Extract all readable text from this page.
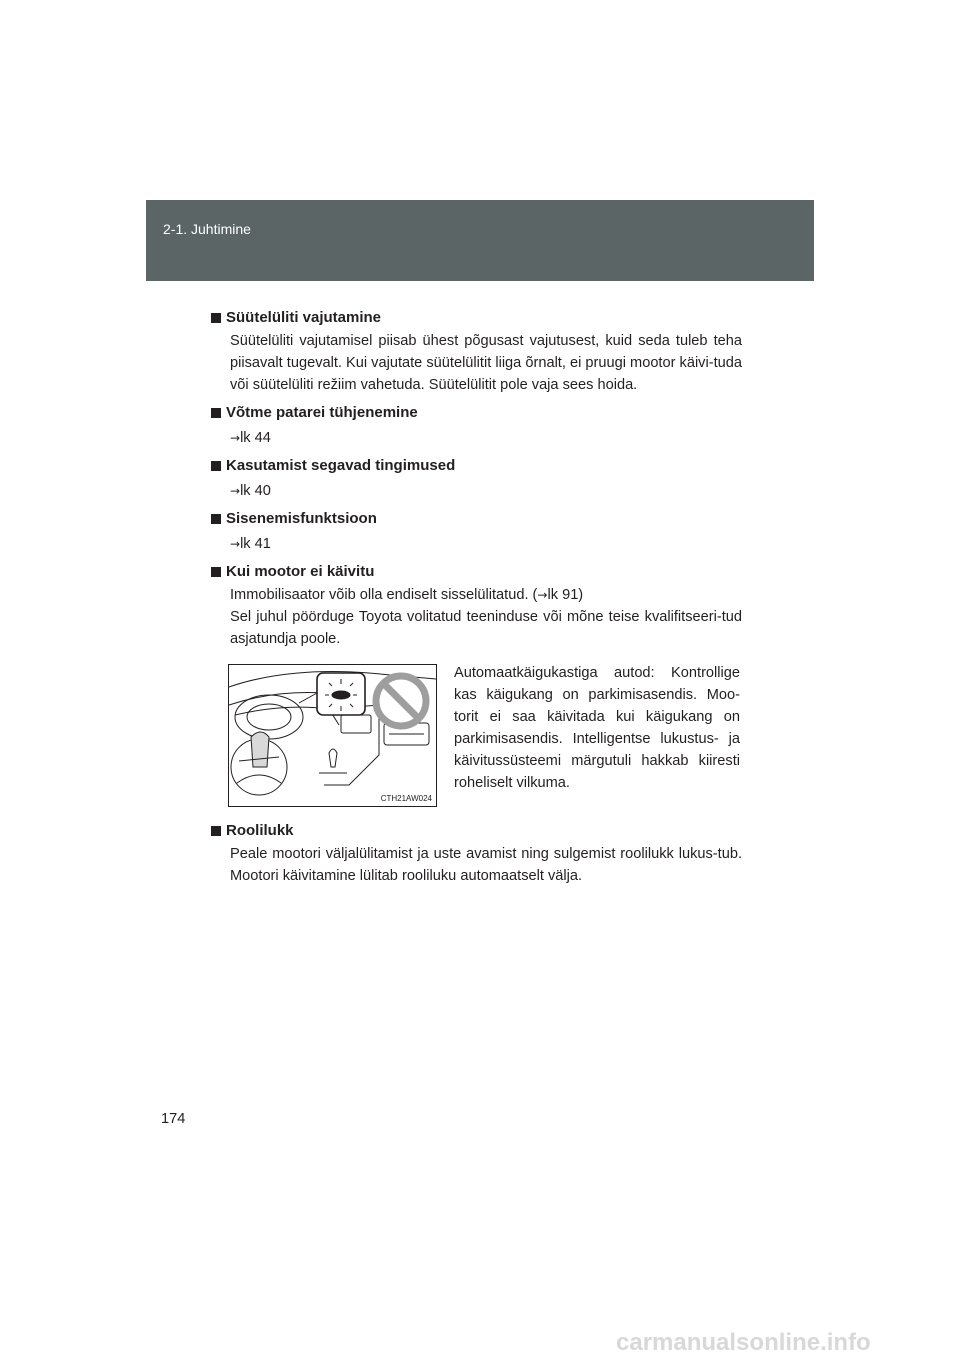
2-1. Juhtimine
Süütelüliti vajutamine
Süütelüliti vajutamisel piisab ühest põgusast vajutusest, kuid seda tuleb teha piisavalt tugevalt. Kui vajutate süütelülitit liiga õrnalt, ei pruugi mootor käivi-tuda või süütelüliti režiim vahetuda. Süütelülitit pole vaja sees hoida.
Võtme patarei tühjenemine
→lk 44
Kasutamist segavad tingimused
→lk 40
Sisenemisfunktsioon
→lk 41
Kui mootor ei käivitu
Immobilisaator võib olla endiselt sisselülitatud. (→lk 91)
Sel juhul pöörduge Toyota volitatud teeninduse või mõne teise kvalifitseeri-tud asjatundja poole.
CTH21AW024
Automaatkäigukastiga autod: Kontrollige kas käigukang on parkimisasendis. Moo-torit ei saa käivitada kui käigukang on parkimisasendis. Intelligentse lukustus- ja käivitussüsteemi märgutuli hakkab kiiresti roheliselt vilkuma.
Roolilukk
Peale mootori väljalülitamist ja uste avamist ning sulgemist roolilukk lukus-tub. Mootori käivitamine lülitab rooliluku automaatselt välja.
174
carmanualsonline.info
